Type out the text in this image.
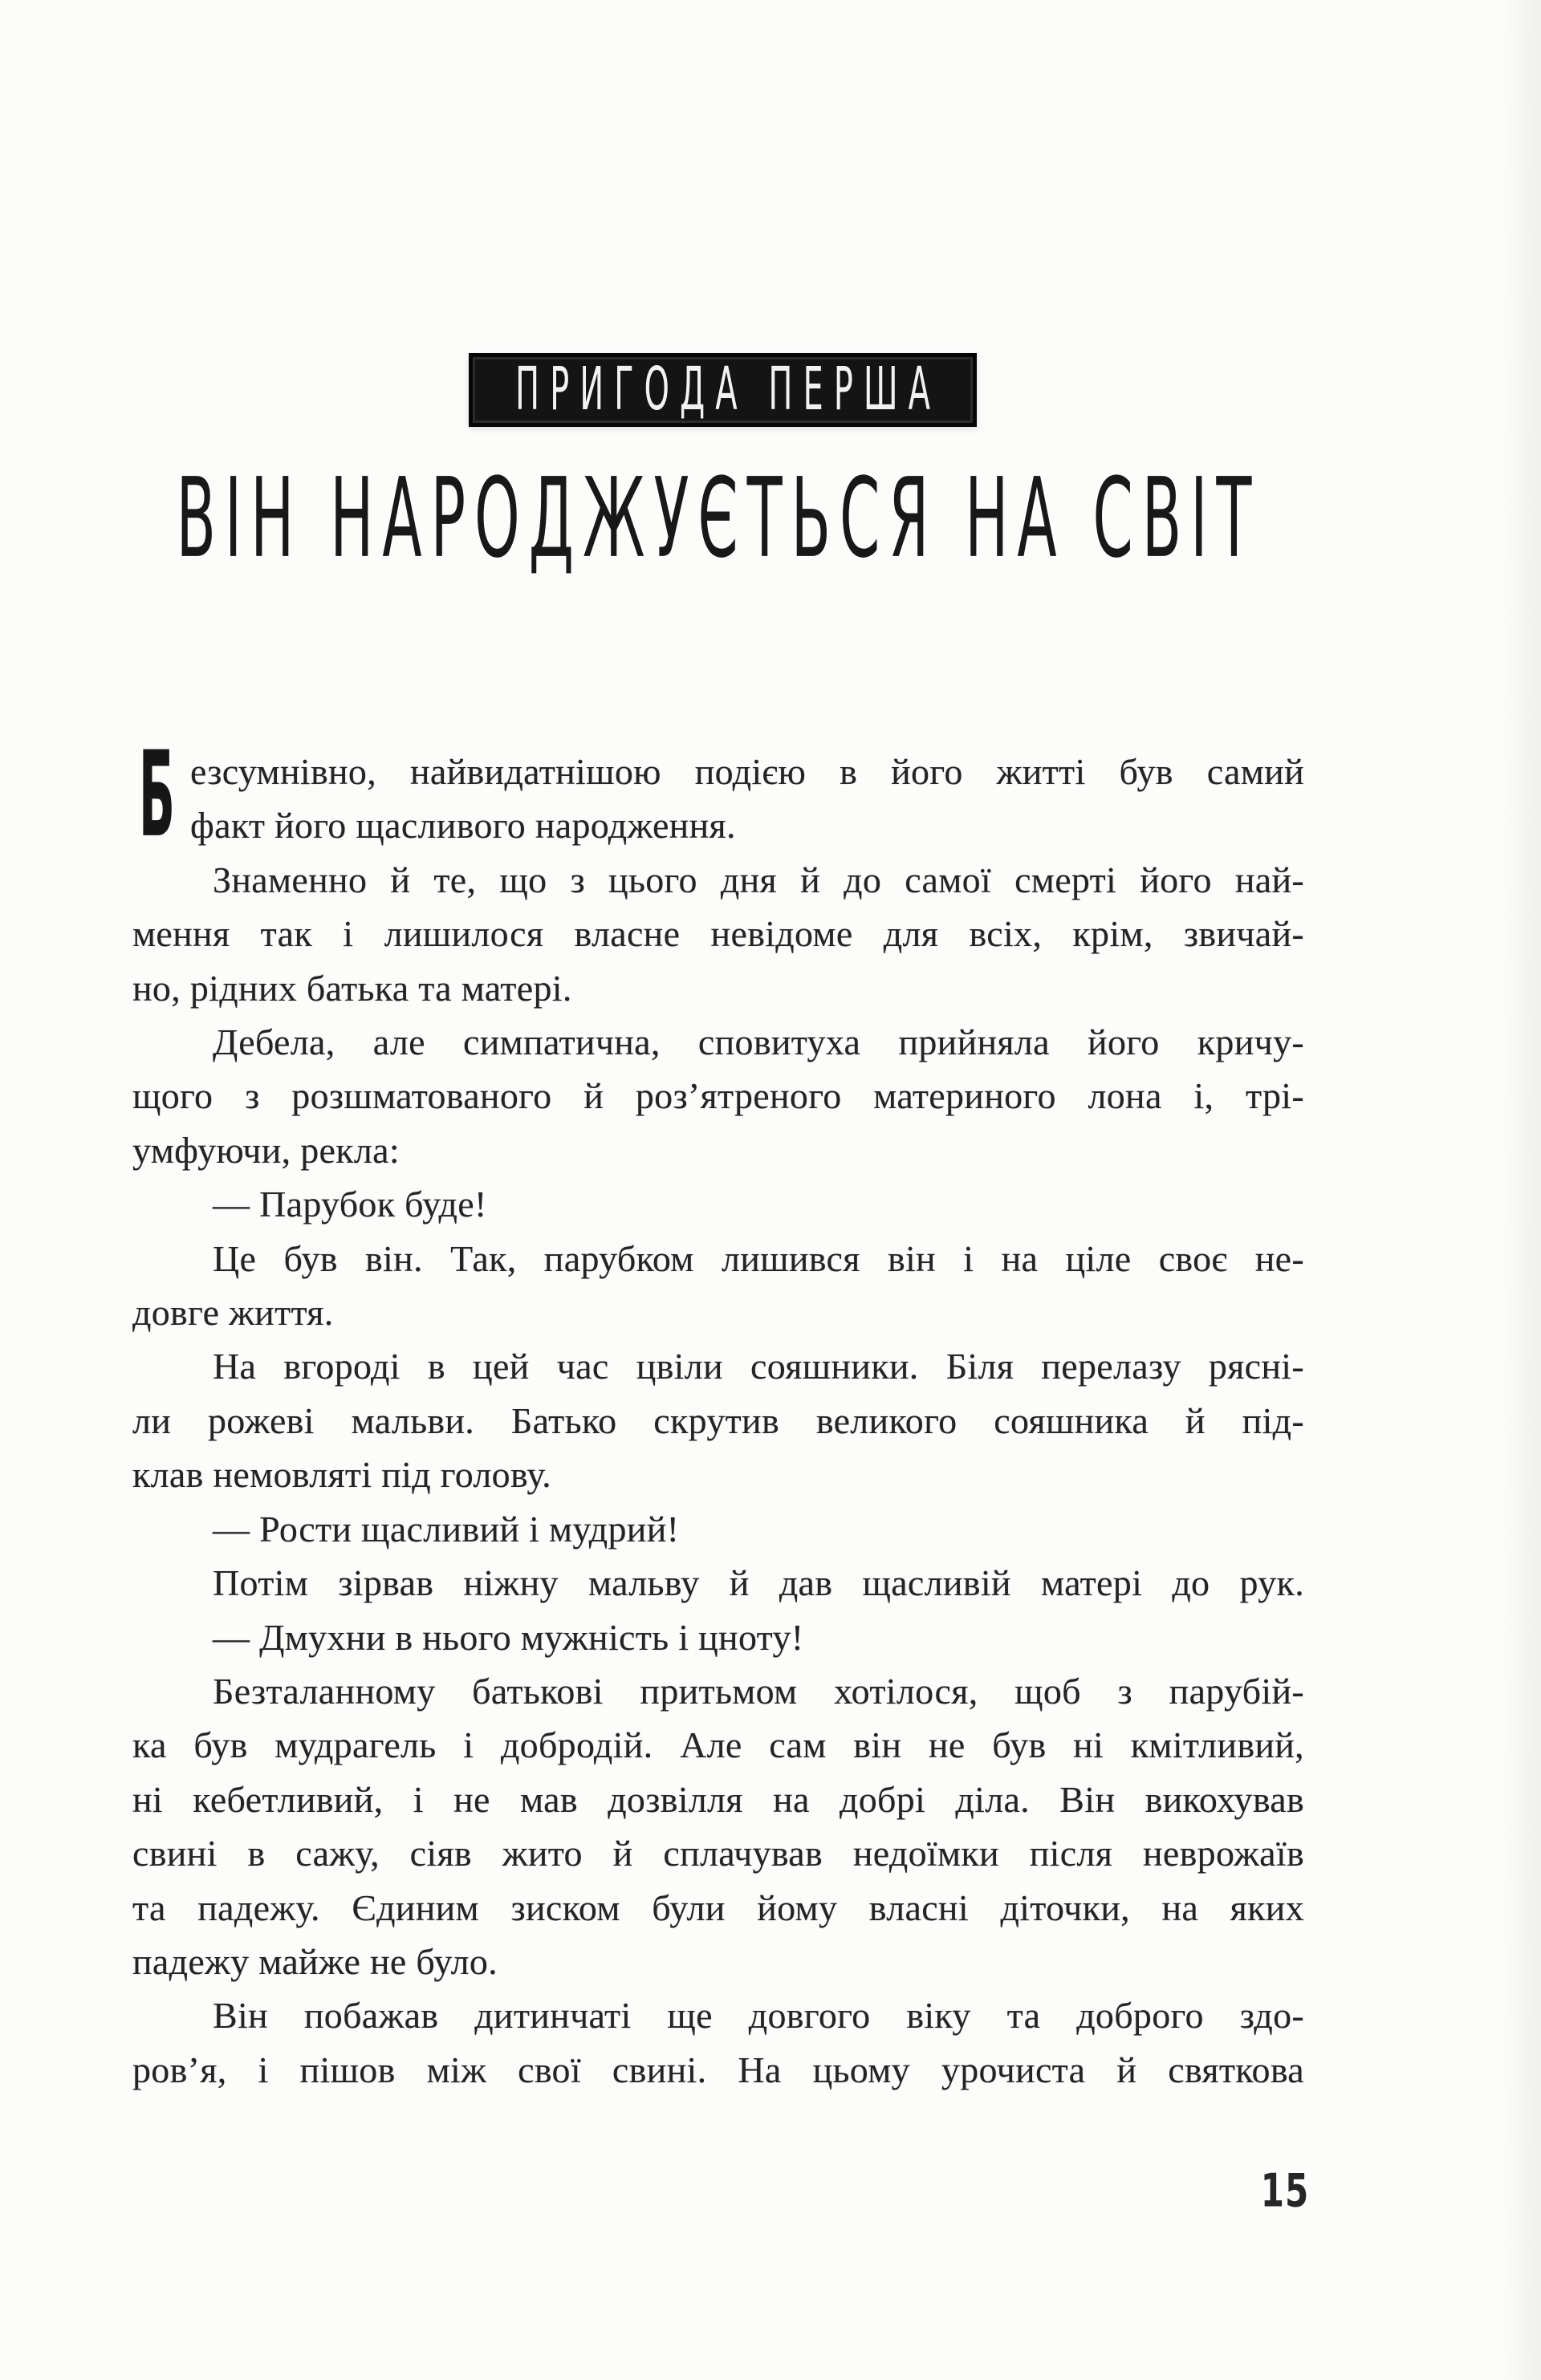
ПРИГОДА ПЕРША
ВІН НАРОДЖУЄТЬСЯ НА СВІТ
Б езсумнівно, найвидатнішою подією в його житті був самий
факт його щасливого народження.
Знаменно й те, що з цього дня й до самої смерті його най-
мення так і лишилося власне невідоме для всіх, крім, звичай-
но, рідних батька та матері.
Дебела, але симпатична, сповитуха прийняла його кричу-
щого з розшматованого й роз’ятреного материного лона і, трі-
умфуючи, рекла:
— Парубок буде!
Це був він. Так, парубком лишився він і на ціле своє не-
довге життя.
На вгороді в цей час цвіли сояшники. Біля перелазу рясні-
ли рожеві мальви. Батько скрутив великого сояшника й під-
клав немовляті під голову.
— Рости щасливий і мудрий!
Потім зірвав ніжну мальву й дав щасливій матері до рук.
— Дмухни в нього мужність і цноту!
Безталанному батькові притьмом хотілося, щоб з парубій-
ка був мудрагель і добродій. Але сам він не був ні кмітливий,
ні кебетливий, і не мав дозвілля на добрі діла. Він викохував
свині в сажу, сіяв жито й сплачував недоїмки після неврожаїв
та падежу. Єдиним зиском були йому власні діточки, на яких
падежу майже не було.
Він побажав дитинчаті ще довгого віку та доброго здо-
ров’я, і пішов між свої свині. На цьому урочиста й святкова
15
